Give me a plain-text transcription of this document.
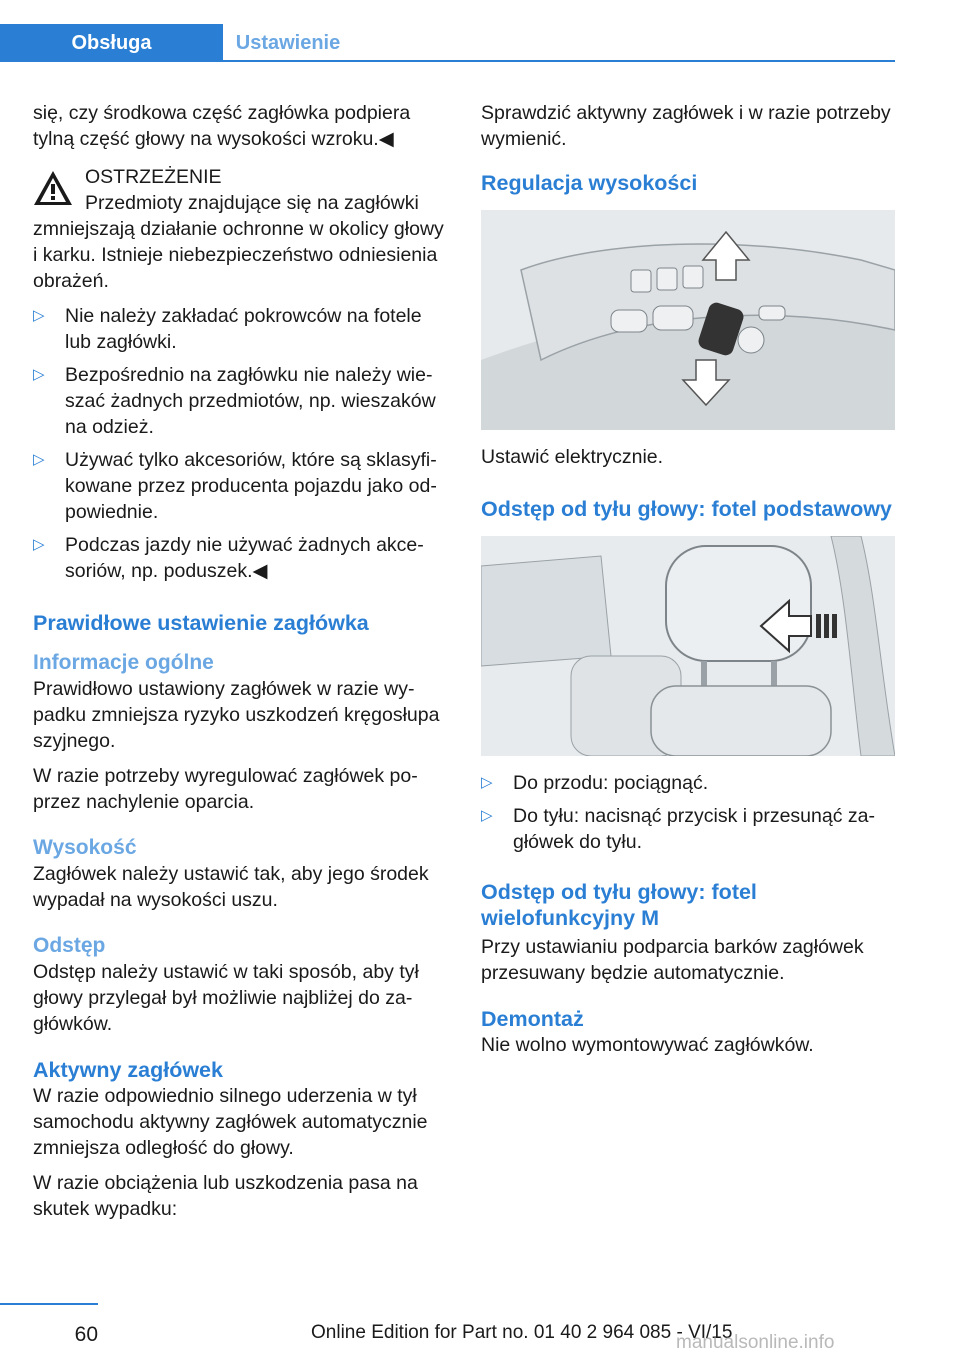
Obsługa	Ustawienie

się, czy środkowa część zagłówka podpiera tylną część głowy na wysokości wzroku.◀

OSTRZEŻENIE
Przedmioty znajdujące się na zagłówki

zmniejszają działanie ochronne w okolicy głowy i karku. Istnieje niebezpieczeństwo odniesienia obrażeń.

▷	Nie należy zakładać pokrowców na fotele lub zagłówki.
▷	Bezpośrednio na zagłówku nie należy wieszać żadnych przedmiotów, np. wieszaków na odzież.
▷	Używać tylko akcesoriów, które są sklasyfikowane przez producenta pojazdu jako odpowiednie.
▷	Podczas jazdy nie używać żadnych akcesoriów, np. poduszek.◀
Prawidłowe ustawienie zagłówka
Informacje ogólne

Prawidłowo ustawiony zagłówek w razie wypadku zmniejsza ryzyko uszkodzeń kręgosłupa szyjnego.

W razie potrzeby wyregulować zagłówek poprzez nachylenie oparcia.

Wysokość

Zagłówek należy ustawić tak, aby jego środek wypadał na wysokości uszu.

Odstęp

Odstęp należy ustawić w taki sposób, aby tył głowy przylegał był możliwie najbliżej do zagłówków.

Aktywny zagłówek

W razie odpowiednio silnego uderzenia w tył samochodu aktywny zagłówek automatycznie zmniejsza odległość do głowy.

W razie obciążenia lub uszkodzenia pasa na skutek wypadku:

Sprawdzić aktywny zagłówek i w razie potrzeby wymienić.

Regulacja wysokości

Ustawić elektrycznie.

Odstęp od tyłu głowy: fotel podstawowy
▷	Do przodu: pociągnąć.
▷	Do tyłu: nacisnąć przycisk i przesunąć zagłówek do tyłu.
Odstęp od tyłu głowy: fotel wielofunkcyjny M

Przy ustawianiu podparcia barków zagłówek przesuwany będzie automatycznie.

Demontaż

Nie wolno wymontowywać zagłówków.

60	Online Edition for Part no. 01 40 2 964 085 - VI/15
manualsonline.info
